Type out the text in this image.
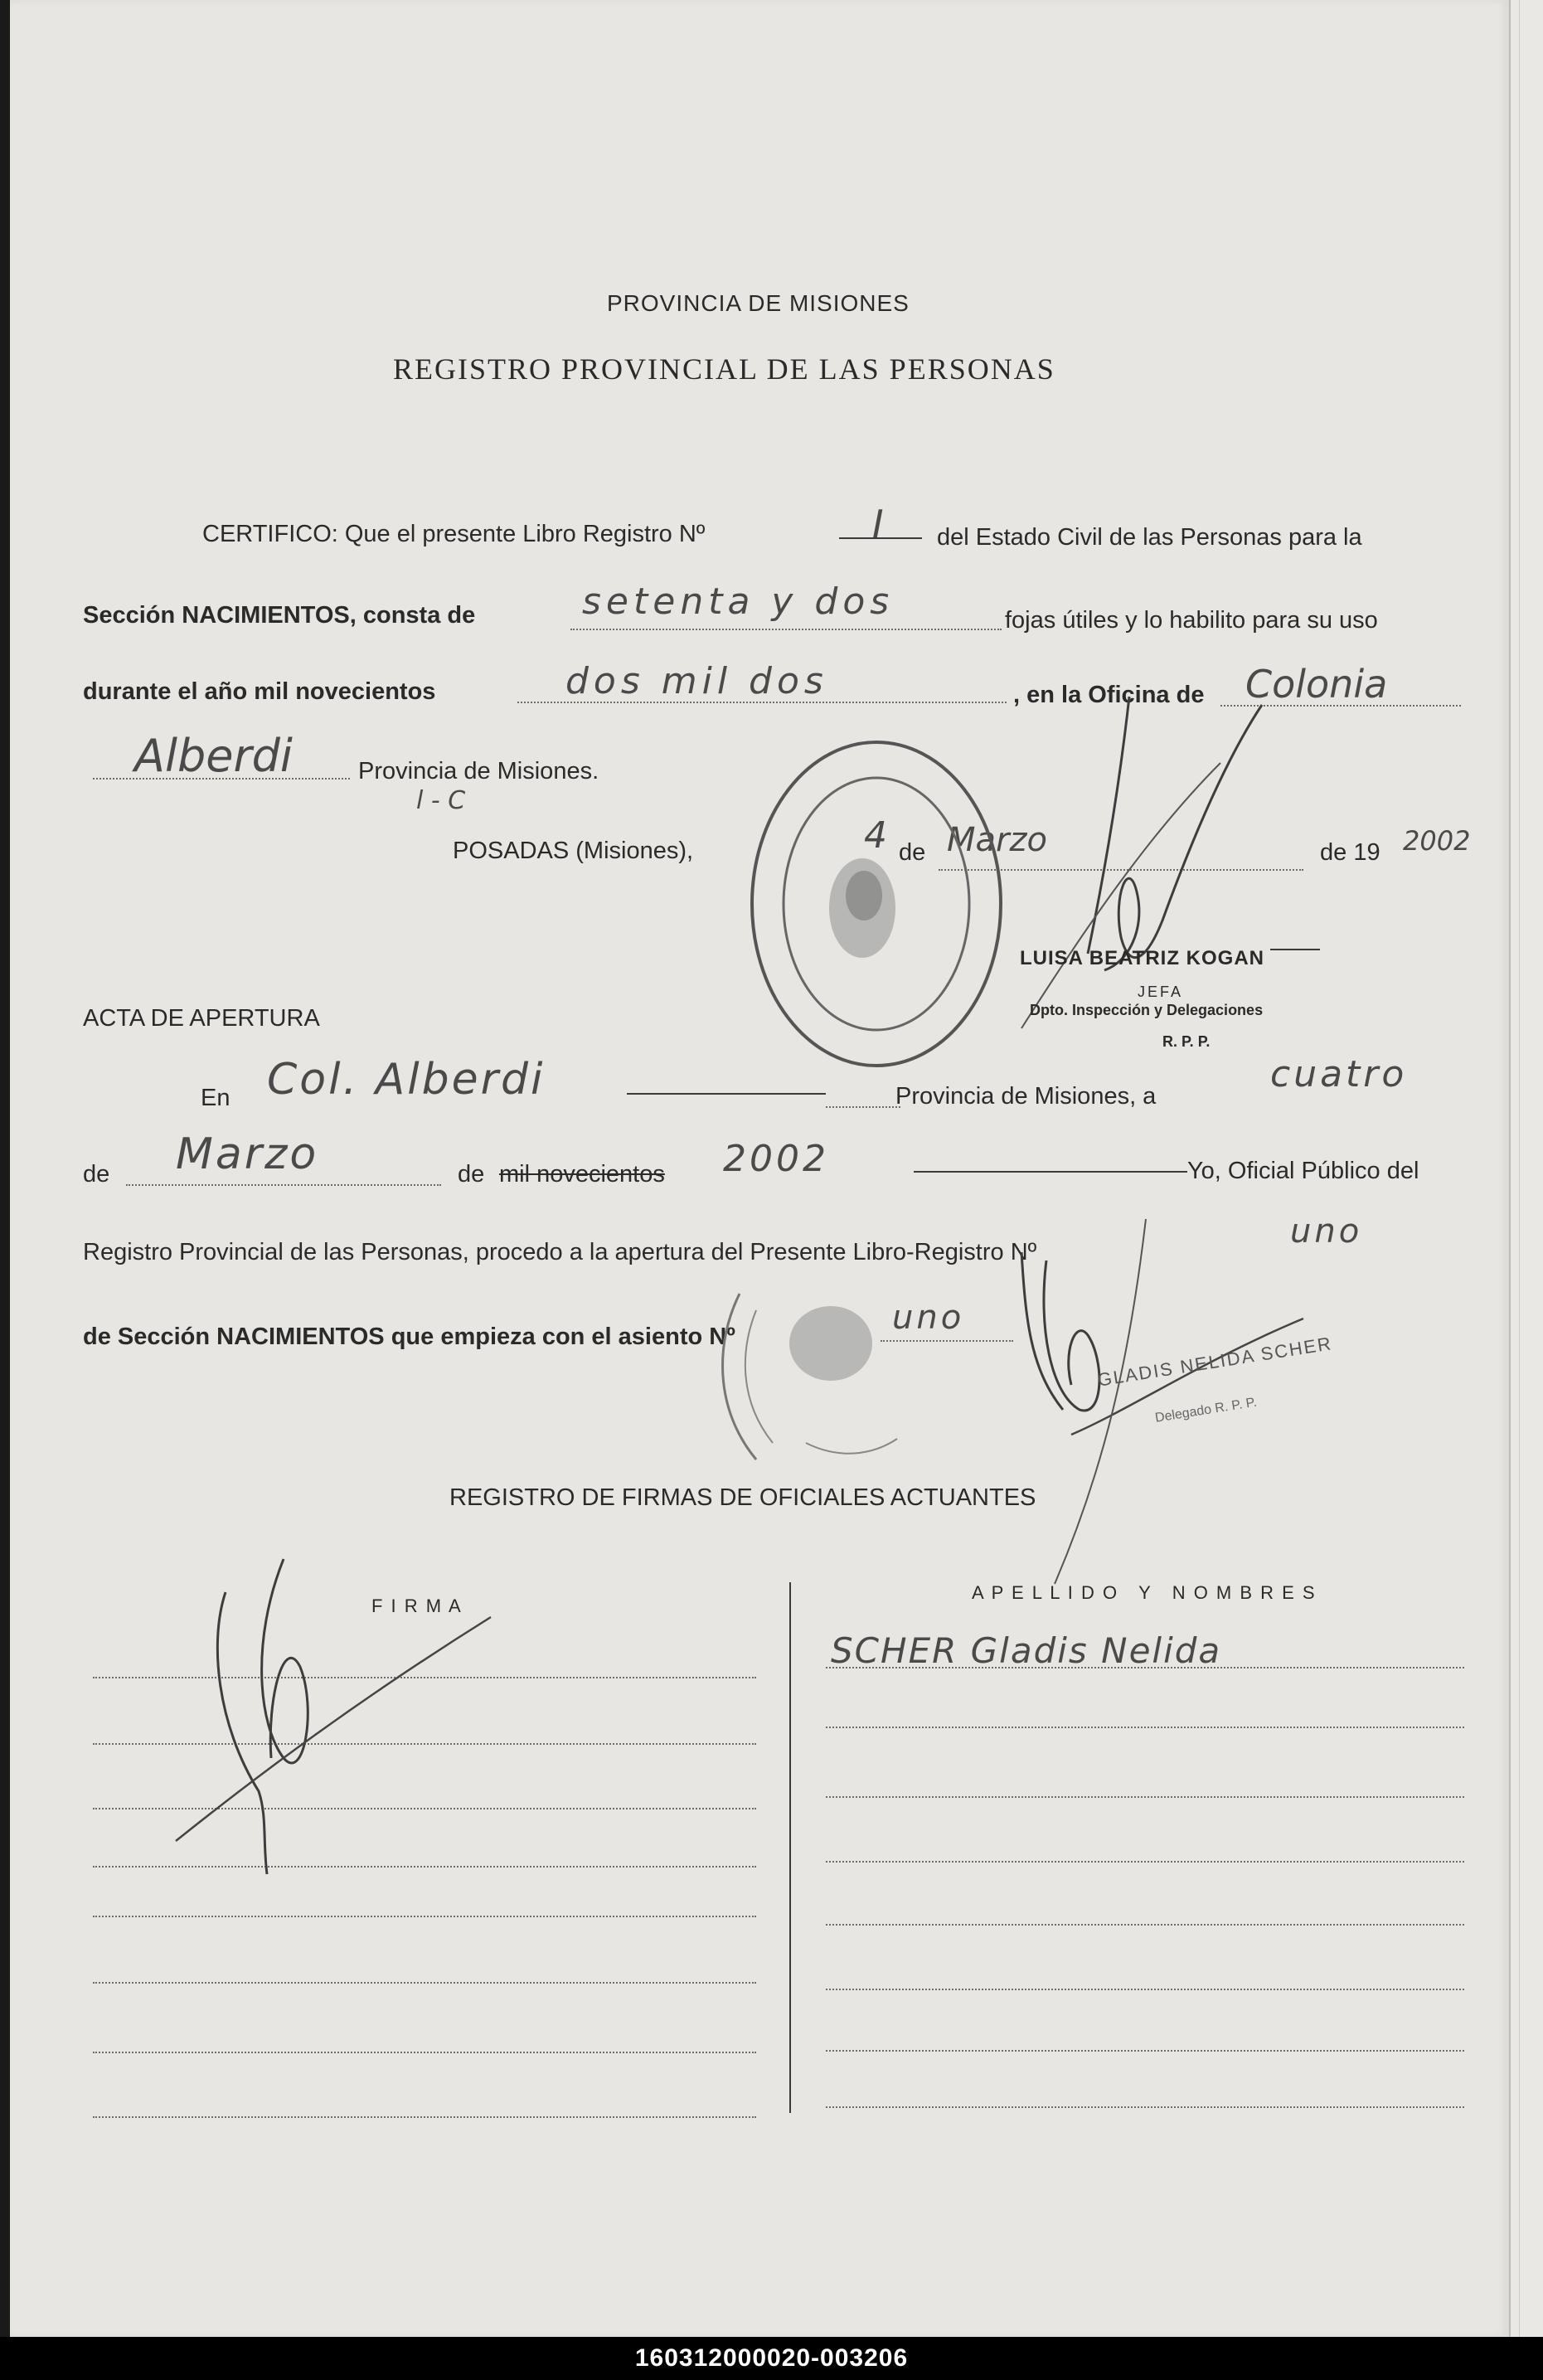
PROVINCIA DE MISIONES
REGISTRO PROVINCIAL DE LAS PERSONAS
CERTIFICO: Que el presente Libro Registro Nº	I del Estado Civil de las Personas para la
Sección NACIMIENTOS, consta de	setenta y dos	fojas útiles y lo habilito para su uso
durante el año mil novecientos	dos mil dos	, en la Oficina de Colonia
Alberdi	Provincia de Misiones.
l - C
POSADAS (Misiones),	4 de Marzo	de 19 2002
LUISA BEATRIZ KOGAN
JEFA
Dpto. Inspección y Delegaciones
R. P. P.
ACTA DE APERTURA
En Col. Alberdi	Provincia de Misiones, a
cuatro
de Marzo	de mil novecientos 2002	Yo, Oficial Público del
Registro Provincial de las Personas, procedo a la apertura del Presente Libro-Registro Nº
uno
de Sección NACIMIENTOS que empieza con el asiento Nº	uno
GLADIS NELIDA SCHER
Delegado R. P. P.
REGISTRO DE FIRMAS DE OFICIALES ACTUANTES
F I R M A
A P E L L I D O   Y   N O M B R E S
SCHER Gladis Nelida
160312000020-003206
